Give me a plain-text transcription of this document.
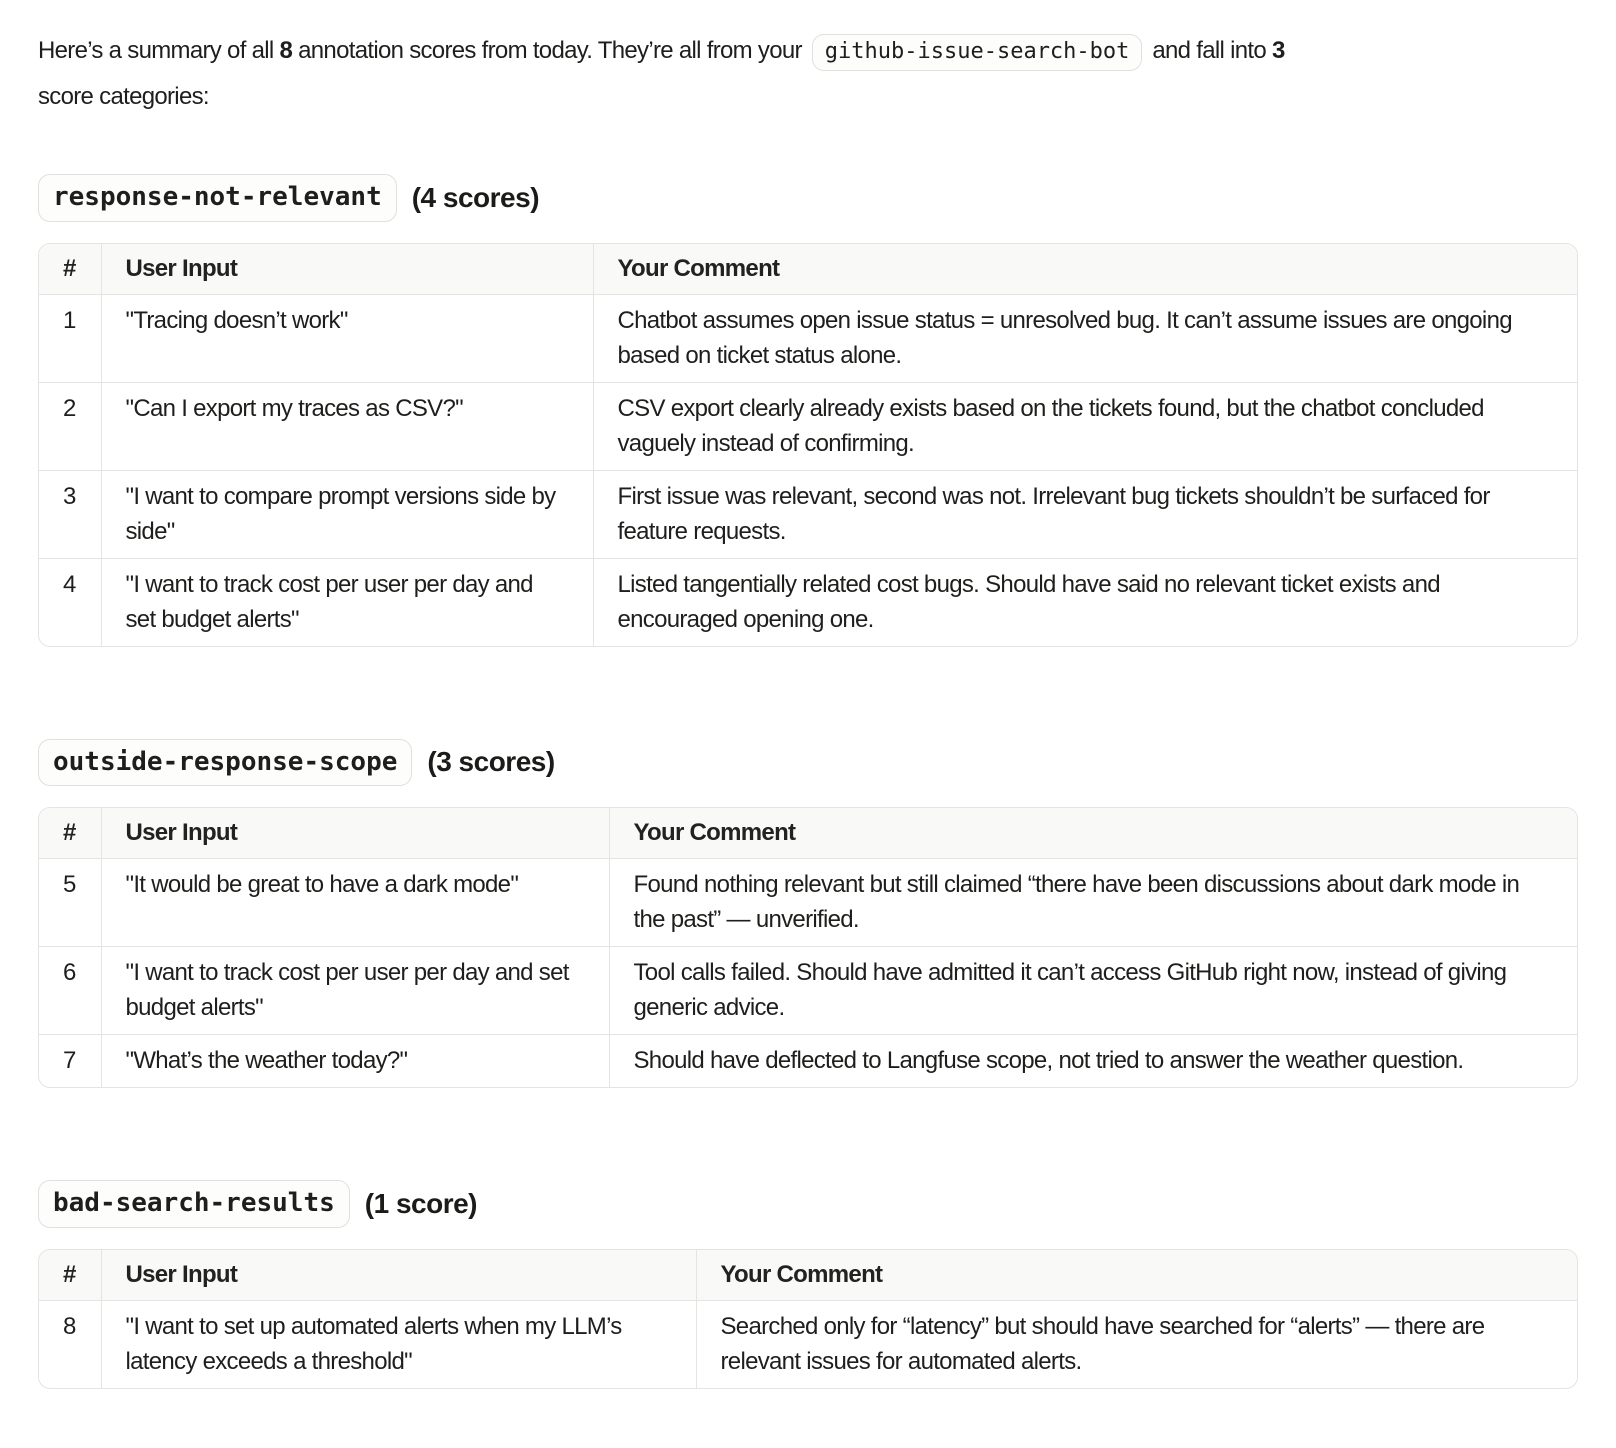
Here’s a summary of all 8 annotation scores from today. They’re all from your github-issue-search-bot and fall into 3
score categories:

response-not-relevant	(4 scores)
#	User Input	Your Comment
1	"Tracing doesn’t work"	Chatbot assumes open issue status = unresolved bug. It can’t assume issues are ongoing based on ticket status alone.
2	"Can I export my traces as CSV?"	CSV export clearly already exists based on the tickets found, but the chatbot concluded vaguely instead of confirming.
3	"I want to compare prompt versions side by side"	First issue was relevant, second was not. Irrelevant bug tickets shouldn’t be surfaced for feature requests.
4	"I want to track cost per user per day and set budget alerts"	Listed tangentially related cost bugs. Should have said no relevant ticket exists and encouraged opening one.
outside-response-scope	(3 scores)
#	User Input	Your Comment
5	"It would be great to have a dark mode"	Found nothing relevant but still claimed “there have been discussions about dark mode in the past” — unverified.
6	"I want to track cost per user per day and set budget alerts"	Tool calls failed. Should have admitted it can’t access GitHub right now, instead of giving generic advice.
7	"What’s the weather today?"	Should have deflected to Langfuse scope, not tried to answer the weather question.
bad-search-results	(1 score)
#	User Input	Your Comment
8	"I want to set up automated alerts when my LLM’s latency exceeds a threshold"	Searched only for “latency” but should have searched for “alerts” — there are relevant issues for automated alerts.
